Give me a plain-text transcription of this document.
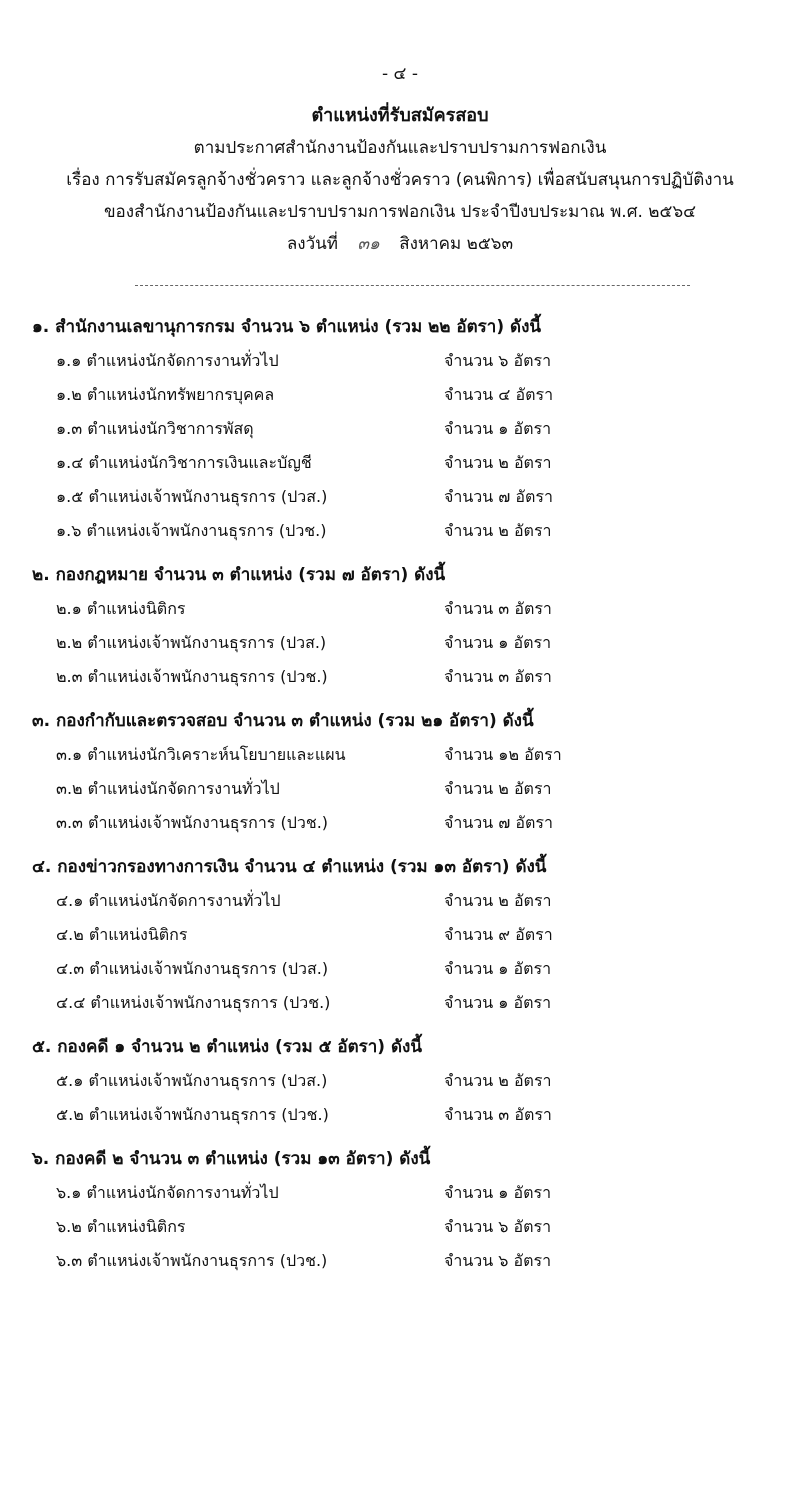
- ๔ -
ตำแหน่งที่รับสมัครสอบ
ตามประกาศสำนักงานป้องกันและปราบปรามการฟอกเงิน
เรื่อง การรับสมัครลูกจ้างชั่วคราว และลูกจ้างชั่วคราว (คนพิการ) เพื่อสนับสนุนการปฏิบัติงาน
ของสำนักงานป้องกันและปราบปรามการฟอกเงิน ประจำปีงบประมาณ พ.ศ. ๒๕๖๔
ลงวันที่ ๓๑ สิงหาคม ๒๕๖๓
๑. สำนักงานเลขานุการกรม จำนวน ๖ ตำแหน่ง (รวม ๒๒ อัตรา) ดังนี้
๑.๑ ตำแหน่งนักจัดการงานทั่วไป	จำนวน ๖ อัตรา
๑.๒ ตำแหน่งนักทรัพยากรบุคคล	จำนวน ๔ อัตรา
๑.๓ ตำแหน่งนักวิชาการพัสดุ	จำนวน ๑ อัตรา
๑.๔ ตำแหน่งนักวิชาการเงินและบัญชี	จำนวน ๒ อัตรา
๑.๕ ตำแหน่งเจ้าพนักงานธุรการ (ปวส.)	จำนวน ๗ อัตรา
๑.๖ ตำแหน่งเจ้าพนักงานธุรการ (ปวช.)	จำนวน ๒ อัตรา
๒. กองกฎหมาย จำนวน ๓ ตำแหน่ง (รวม ๗ อัตรา) ดังนี้
๒.๑ ตำแหน่งนิติกร	จำนวน ๓ อัตรา
๒.๒ ตำแหน่งเจ้าพนักงานธุรการ (ปวส.)	จำนวน ๑ อัตรา
๒.๓ ตำแหน่งเจ้าพนักงานธุรการ (ปวช.)	จำนวน ๓ อัตรา
๓. กองกำกับและตรวจสอบ จำนวน ๓ ตำแหน่ง (รวม ๒๑ อัตรา) ดังนี้
๓.๑ ตำแหน่งนักวิเคราะห์นโยบายและแผน	จำนวน ๑๒ อัตรา
๓.๒ ตำแหน่งนักจัดการงานทั่วไป	จำนวน ๒ อัตรา
๓.๓ ตำแหน่งเจ้าพนักงานธุรการ (ปวช.)	จำนวน ๗ อัตรา
๔. กองข่าวกรองทางการเงิน จำนวน ๔ ตำแหน่ง (รวม ๑๓ อัตรา) ดังนี้
๔.๑ ตำแหน่งนักจัดการงานทั่วไป	จำนวน ๒ อัตรา
๔.๒ ตำแหน่งนิติกร	จำนวน ๙ อัตรา
๔.๓ ตำแหน่งเจ้าพนักงานธุรการ (ปวส.)	จำนวน ๑ อัตรา
๔.๔ ตำแหน่งเจ้าพนักงานธุรการ (ปวช.)	จำนวน ๑ อัตรา
๕. กองคดี ๑ จำนวน ๒ ตำแหน่ง (รวม ๕ อัตรา) ดังนี้
๕.๑ ตำแหน่งเจ้าพนักงานธุรการ (ปวส.)	จำนวน ๒ อัตรา
๕.๒ ตำแหน่งเจ้าพนักงานธุรการ (ปวช.)	จำนวน ๓ อัตรา
๖. กองคดี ๒ จำนวน ๓ ตำแหน่ง (รวม ๑๓ อัตรา) ดังนี้
๖.๑ ตำแหน่งนักจัดการงานทั่วไป	จำนวน ๑ อัตรา
๖.๒ ตำแหน่งนิติกร	จำนวน ๖ อัตรา
๖.๓ ตำแหน่งเจ้าพนักงานธุรการ (ปวช.)	จำนวน ๖ อัตรา
